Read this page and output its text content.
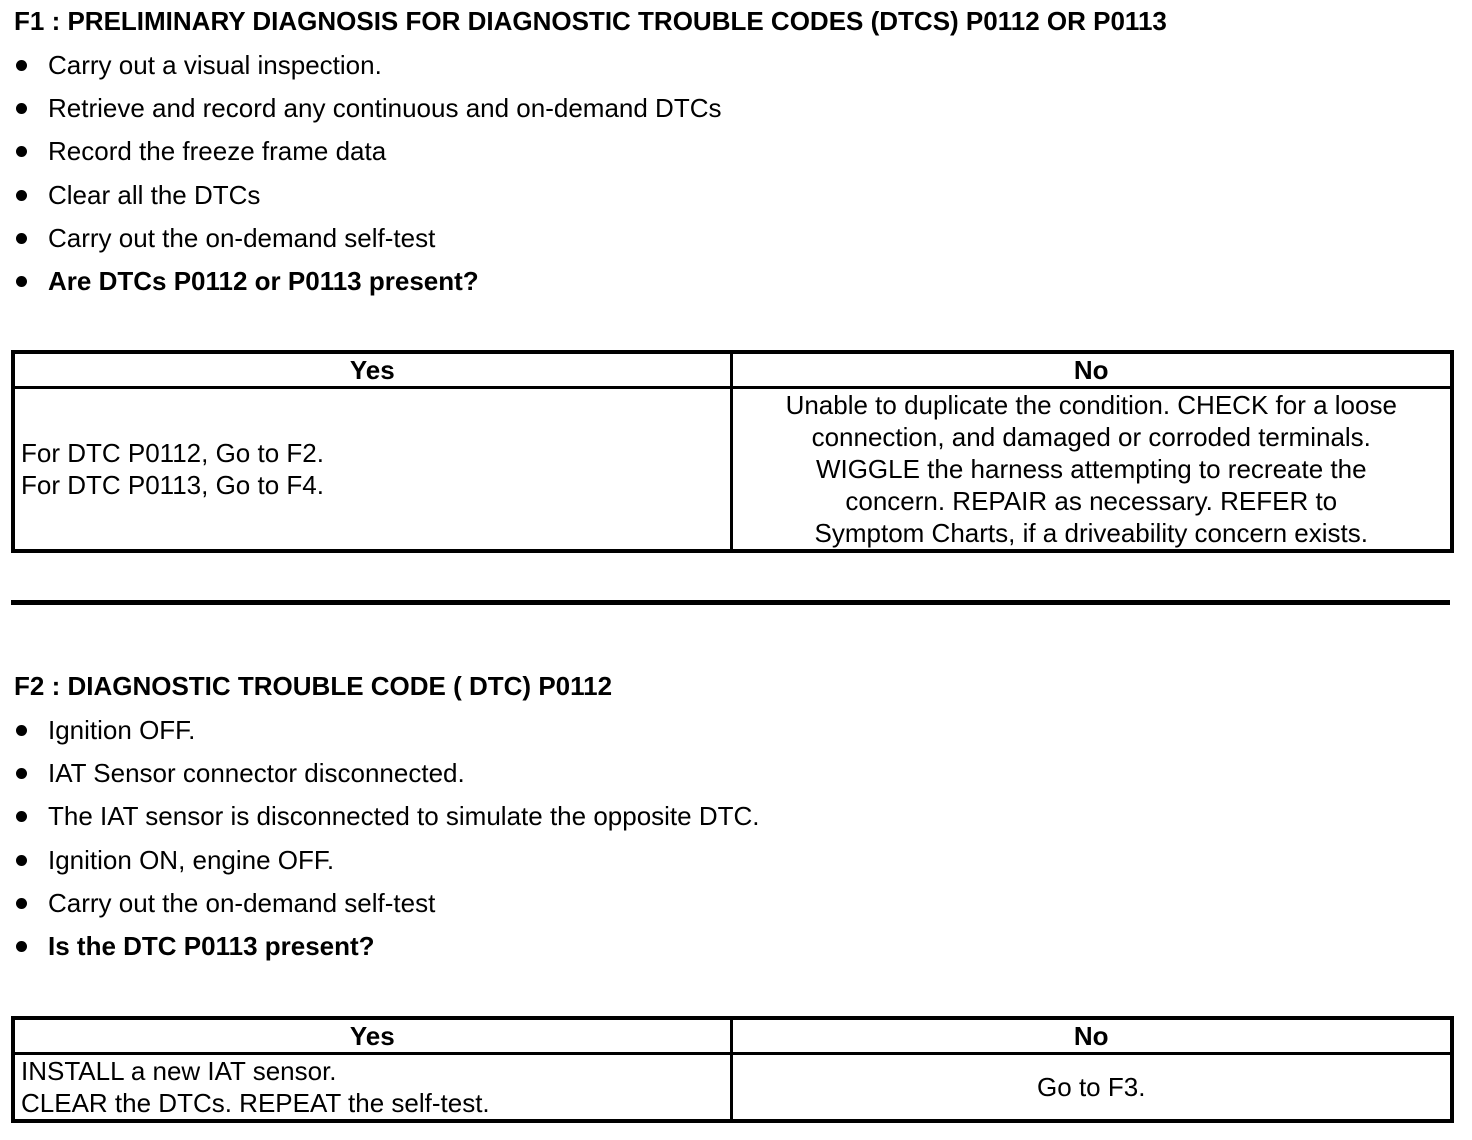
F1 : PRELIMINARY DIAGNOSIS FOR DIAGNOSTIC TROUBLE CODES (DTCS) P0112 OR P0113
Carry out a visual inspection.
Retrieve and record any continuous and on-demand DTCs
Record the freeze frame data
Clear all the DTCs
Carry out the on-demand self-test
Are DTCs P0112 or P0113 present?
Yes	No

For DTC P0112, Go to F2.
For DTC P0113, Go to F4.	Unable to duplicate the condition. CHECK for a loose
connection, and damaged or corroded terminals.
WIGGLE the harness attempting to recreate the
concern. REPAIR as necessary. REFER to
Symptom Charts, if a driveability concern exists.
F2 : DIAGNOSTIC TROUBLE CODE ( DTC) P0112
Ignition OFF.
IAT Sensor connector disconnected.
The IAT sensor is disconnected to simulate the opposite DTC.
Ignition ON, engine OFF.
Carry out the on-demand self-test
Is the DTC P0113 present?
Yes	No

INSTALL a new IAT sensor.
CLEAR the DTCs. REPEAT the self-test.	Go to F3.
